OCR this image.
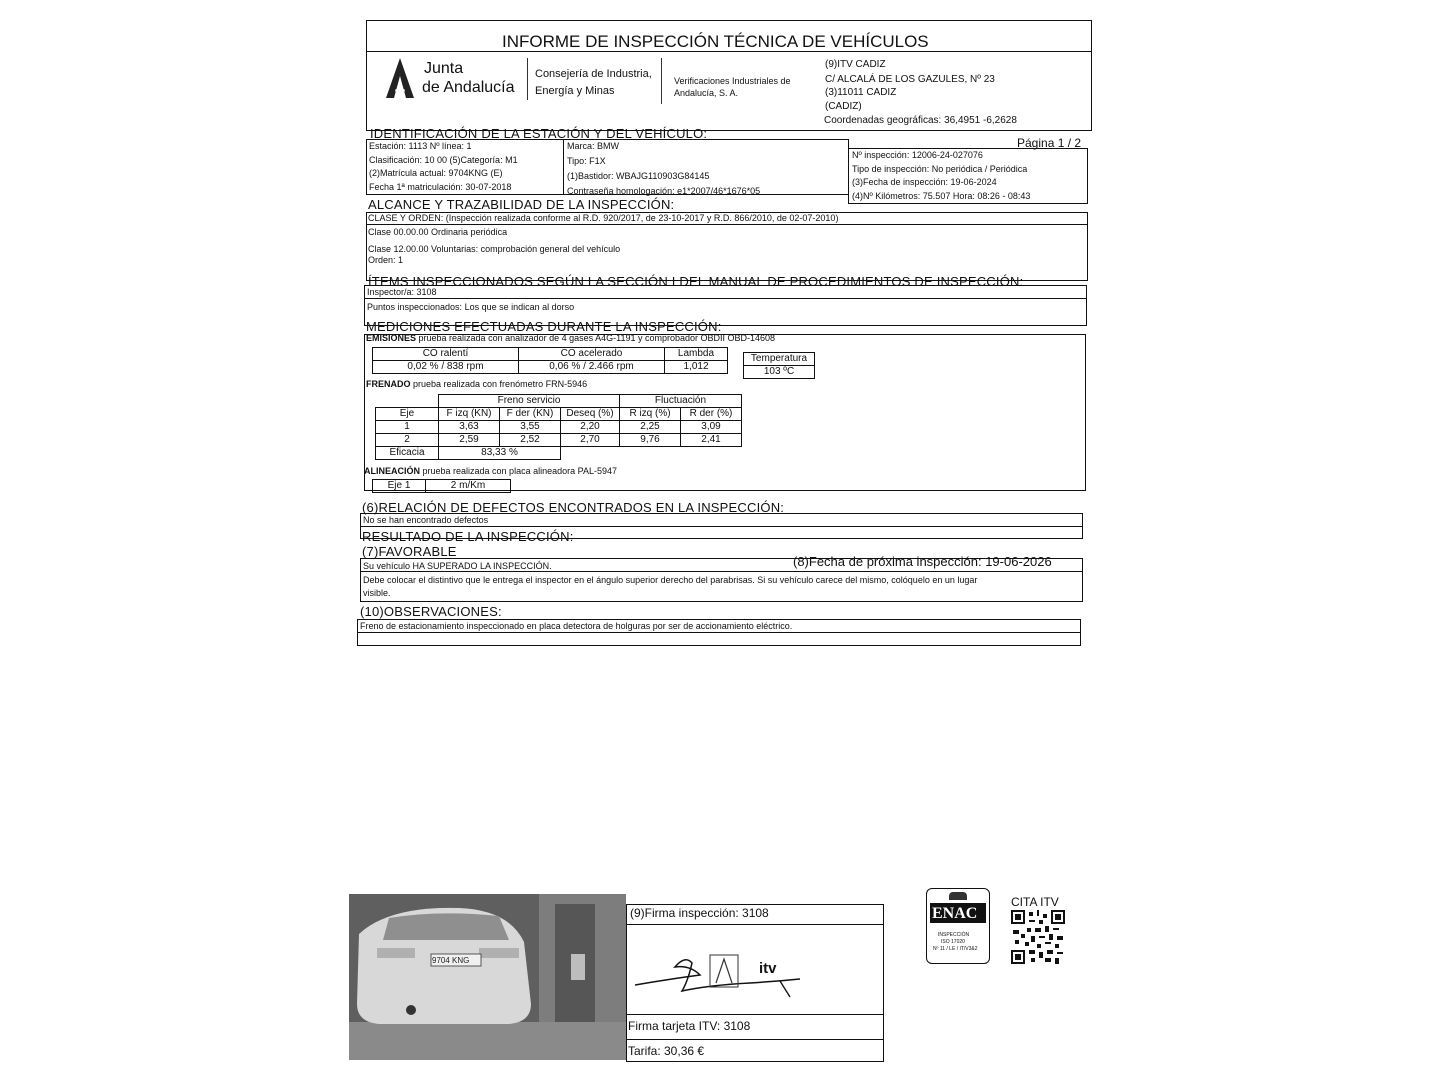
INFORME DE INSPECCIÓN TÉCNICA DE VEHÍCULOS
Junta
de Andalucía
Consejería de Industria,
Energía y Minas
Verificaciones Industriales de
Andalucía, S. A.
(9)ITV CADIZ
C/ ALCALÁ DE LOS GAZULES, Nº 23
(3)11011 CADIZ
(CADIZ)
Coordenadas geográficas: 36,4951 -6,2628
IDENTIFICACIÓN DE LA ESTACIÓN Y DEL VEHÍCULO:
Página 1 / 2
Estación: 1113 Nº línea: 1
Clasificación: 10 00 (5)Categoría: M1
(2)Matrícula actual: 9704KNG (E)
Fecha 1ª matriculación: 30-07-2018
Marca: BMW
Tipo: F1X
(1)Bastidor: WBAJG110903G84145
Contraseña homologación: e1*2007/46*1676*05
Nº inspección: 12006-24-027076
Tipo de inspección: No periódica / Periódica
(3)Fecha de inspección: 19-06-2024
(4)Nº Kilómetros: 75.507 Hora: 08:26 - 08:43
ALCANCE Y TRAZABILIDAD DE LA INSPECCIÓN:
CLASE Y ORDEN: (Inspección realizada conforme al R.D. 920/2017, de 23-10-2017 y R.D. 866/2010, de 02-07-2010)
Clase 00.00.00 Ordinaria periódica
Clase 12.00.00 Voluntarias: comprobación general del vehículo
Orden: 1
ÍTEMS INSPECCIONADOS SEGÚN LA SECCIÓN I DEL MANUAL DE PROCEDIMIENTOS DE INSPECCIÓN:
Inspector/a: 3108
Puntos inspeccionados: Los que se indican al dorso
MEDICIONES EFECTUADAS DURANTE LA INSPECCIÓN:
EMISIONES prueba realizada con analizador de 4 gases A4G-1191 y comprobador OBDII OBD-14608
CO ralentí	CO acelerado	Lambda
0,02 % / 838 rpm	0,06 % / 2.466 rpm	1,012
Temperatura
103 ºC
FRENADO prueba realizada con frenómetro FRN-5946
	Freno servicio			Fluctuación	
Eje	F izq (KN)	F der (KN)	Deseq (%)	R izq (%)	R der (%)
1	3,63	3,55	2,20	2,25	3,09
2	2,59	2,52	2,70	9,76	2,41
Eficacia	83,33 %				
ALINEACIÓN prueba realizada con placa alineadora PAL-5947
Eje 1	2 m/Km
(6)RELACIÓN DE DEFECTOS ENCONTRADOS EN LA INSPECCIÓN:
No se han encontrado defectos
RESULTADO DE LA INSPECCIÓN:
(7)FAVORABLE
(8)Fecha de próxima inspección: 19-06-2026
Su vehículo HA SUPERADO LA INSPECCIÓN.
Debe colocar el distintivo que le entrega el inspector en el ángulo superior derecho del parabrisas. Si su vehículo carece del mismo, colóquelo en un lugar
visible.
(10)OBSERVACIONES:
Freno de estacionamiento inspeccionado en placa detectora de holguras por ser de accionamiento eléctrico.
9704 KNG
(9)Firma inspección: 3108
itv
Firma tarjeta ITV: 3108
Tarifa: 30,36 €
ENAC
INSPECCIÓN
ISO 17020
Nº 11 / LE / IT/V3&2
CITA ITV
